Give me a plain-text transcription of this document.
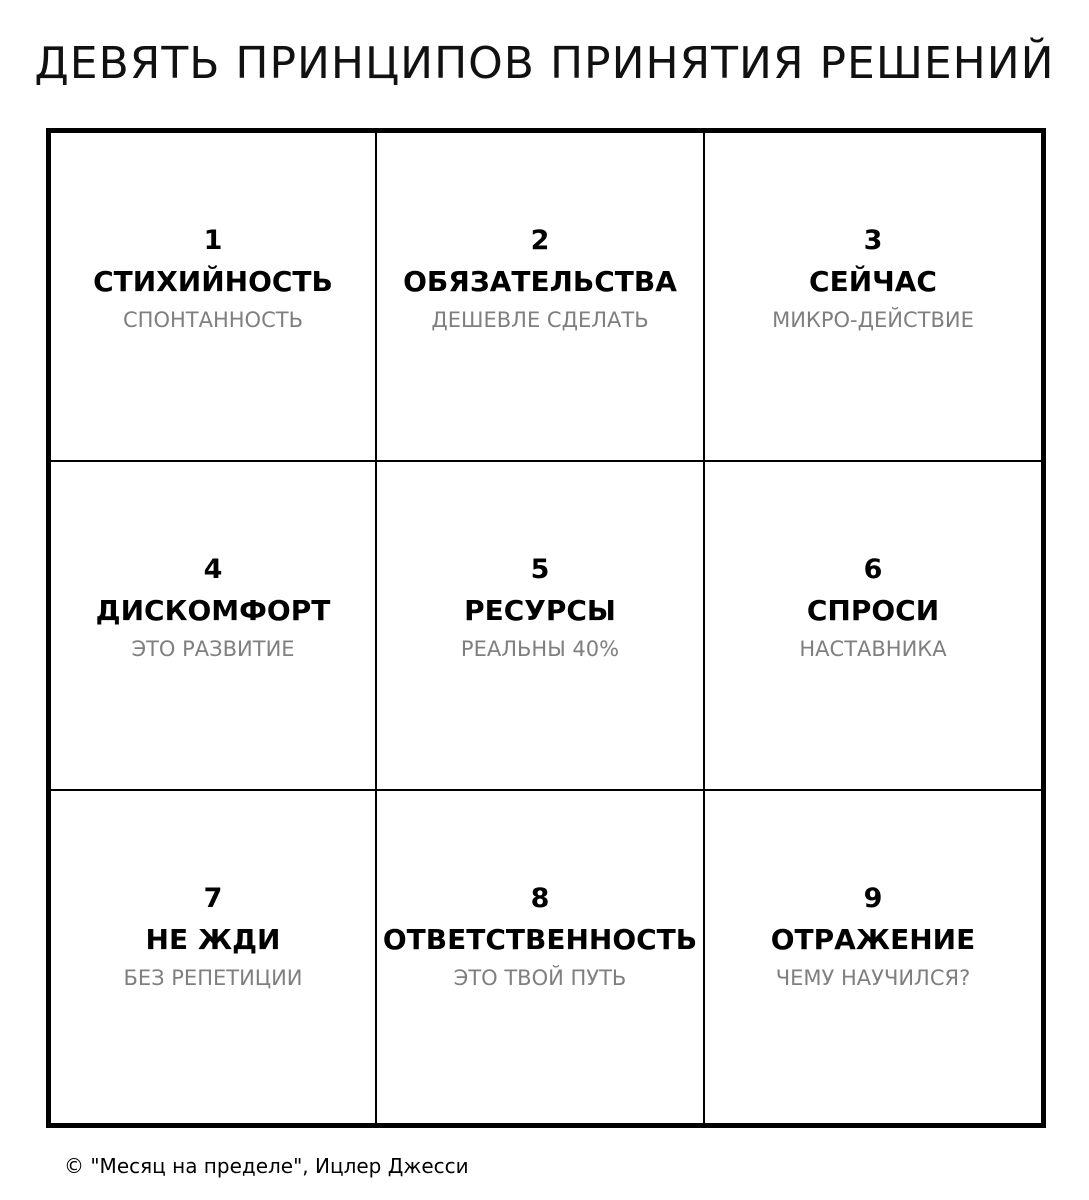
ДЕВЯТЬ ПРИНЦИПОВ ПРИНЯТИЯ РЕШЕНИЙ
1
СТИХИЙНОСТЬ
СПОНТАННОСТЬ
2
ОБЯЗАТЕЛЬСТВА
ДЕШЕВЛЕ СДЕЛАТЬ
3
СЕЙЧАС
МИКРО-ДЕЙСТВИЕ
4
ДИСКОМФОРТ
ЭТО РАЗВИТИЕ
5
РЕСУРСЫ
РЕАЛЬНЫ 40%
6
СПРОСИ
НАСТАВНИКА
7
НЕ ЖДИ
БЕЗ РЕПЕТИЦИИ
8
ОТВЕТСТВЕННОСТЬ
ЭТО ТВОЙ ПУТЬ
9
ОТРАЖЕНИЕ
ЧЕМУ НАУЧИЛСЯ?
© "Месяц на пределе", Ицлер Джесси
